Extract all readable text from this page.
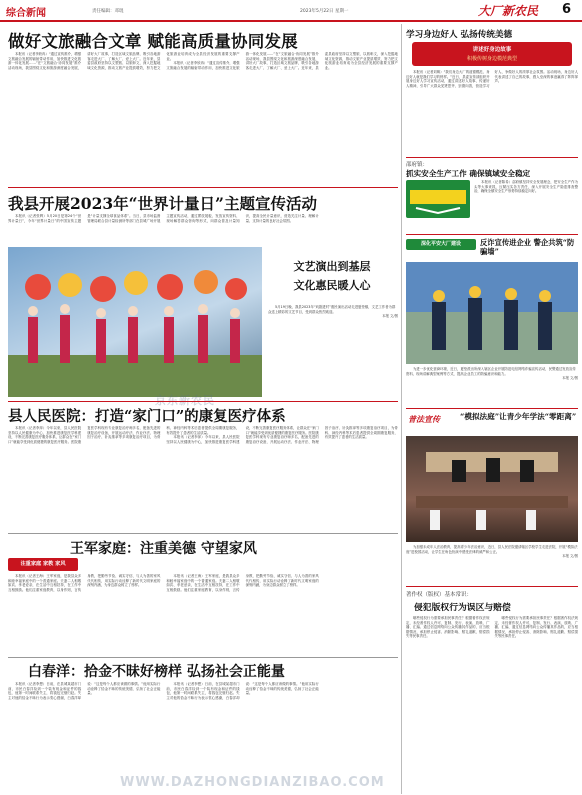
综合新闻	责任编辑：邓琨	2023年5月22日 星期一	大厂新农民 6
做好文旅融合文章 赋能高质量协同发展

本报讯（记者李欣冉）“通过宣传推介，增强文旅融合发展的辐射带动作用，加快推进文化旅游一体化发展……”在“文旅融合·协同发展”推介活动现场，我县围绕文化和旅游深度融合发展，讲好大厂故事，打造区域文旅品牌，吸引各地游客走进大厂、了解大厂、爱上大厂。近年来，县委县政府坚持以文塑旅、以旅彰文，深入挖掘地域文化资源，推动文旅产业提质增效，努力把文化旅游业培育成为全县经济发展的重要支撑产业。

本报讯（记者李欣冉）“通过宣传推介，增强文旅融合发展的辐射带动作用，加快推进文化旅游一体化发展……”在“文旅融合·协同发展”推介活动现场，我县围绕文化和旅游深度融合发展，讲好大厂故事，打造区域文旅品牌，吸引各地游客走进大厂、了解大厂、爱上大厂。近年来，县委县政府坚持以文塑旅、以旅彰文，深入挖掘地域文化资源，推动文旅产业提质增效，努力把文化旅游业培育成为全县经济发展的重要支撑产业。

我县开展2023年“世界计量日”主题宣传活动

本报讯（记者张辉）5月20日是第24个“世界计量日”，今年“世界计量日”的中国宣传主题是“计量支撑全球食品体系”。当日，县市场监督管理局联合县计量检测所等部门在县城广场开展主题宣传活动，通过摆放展板、发放宣传资料、现场解答群众咨询等形式，向群众普及计量知识，提高全民计量意识，营造关注计量、理解计量、支持计量的良好社会氛围。

文艺演出到基层
文化惠民暖人心

5月19日晚，我县2023年“戏剧进村”惠民演出活动走进夏垫镇，文艺工作者为群众送上精彩的文艺节目，受到群众热烈欢迎。

本报 文/图

京东新农民
县人民医院：打造“家门口”的康复医疗体系

本报讯（记者李萍）今年以来，县人民医院坚持以人民健康为中心，加快推进康复医学科建设，不断完善康复医疗服务体系，让群众在“家门口”就能享受到优质便捷的康复医疗服务。医院康复医学科现有专业康复治疗师多名，配备先进的康复治疗设备，开展运动疗法、作业疗法、物理因子治疗、针灸推拿等多项康复治疗项目，为骨科、神经内科等术后患者提供全周期康复服务，有效提升了患者的生活质量。

本报讯（记者李萍）今年以来，县人民医院坚持以人民健康为中心，加快推进康复医学科建设，不断完善康复医疗服务体系，让群众在“家门口”就能享受到优质便捷的康复医疗服务。医院康复医学科现有专业康复治疗师多名，配备先进的康复治疗设备，开展运动疗法、作业疗法、物理因子治疗、针灸推拿等多项康复治疗项目，为骨科、神经内科等术后患者提供全周期康复服务，有效提升了患者的生活质量。

王军家庭：注重美德 守望家风
注重家庭 家教 家风

本报讯（记者王海）王军家庭，是我县众多和睦幸福家庭中的一个普通家庭。夫妻二人相敬如宾、孝老爱亲，在生活中互相扶持，在工作中互相鼓励。他们注重家庭教育，以身作则，言传身教，把勤劳节俭、诚实守信、与人为善的家风代代相传，用实际行动诠释了新时代文明家庭的深刻内涵，为身边群众树立了榜样。

本报讯（记者王海）王军家庭，是我县众多和睦幸福家庭中的一个普通家庭。夫妻二人相敬如宾、孝老爱亲，在生活中互相扶持，在工作中互相鼓励。他们注重家庭教育，以身作则，言传身教，把勤劳节俭、诚实守信、与人为善的家风代代相传，用实际行动诠释了新时代文明家庭的深刻内涵，为身边群众树立了榜样。

白春洋：拾金不昧好榜样 弘扬社会正能量

本报讯（记者李想）日前，在县城某超市门前，市民白春洋捡到一个装有现金和证件的钱包，他第一时间联系失主，将钱包完璧归赵。失主对他的拾金不昧行为表示衷心感谢，白春洋却说：“这是每个人都应该做的事情。”他用实际行动诠释了拾金不昧的传统美德，弘扬了社会正能量。

本报讯（记者李想）日前，在县城某超市门前，市民白春洋捡到一个装有现金和证件的钱包，他第一时间联系失主，将钱包完璧归赵。失主对他的拾金不昧行为表示衷心感谢，白春洋却说：“这是每个人都应该做的事情。”他用实际行动诠释了拾金不昧的传统美德，弘扬了社会正能量。

WWW.DAZHONGDIANZIBAO.COM
学习身边好人 弘扬传统美德
讲述好身边故事
积极传树身边模范典型

本报讯（记者刘嫣）“我们身边大厂的道德模范、身边好人就是我们学习的榜样。”近日，县委宣传部组织开展身边好人学习宣传活动，通过讲述好人故事、传递好人精神，引导广大群众见贤思齐、崇德向善，营造学习好人、争做好人的浓厚社会氛围。活动现场，身边好人代表讲述了自己的故事，感人至深的事迹赢得了阵阵掌声。

邵府镇：
抓实安全生产工作 确保镇域安全稳定

本报讯（记者陈希）邵府镇坚持安全发展理念，把安全生产作为头等大事来抓，压紧压实各方责任，深入开展安全生产隐患排查整治，确保全镇安全生产形势持续稳定向好。

深化平安大厂建设	反诈宣传进企业 警企共筑“防骗墙”

为进一步优化营商环境，近日，夏垫派出所深入辖区企业开展防范电信网络诈骗宣传活动，民警通过发放宣传资料、现场讲解典型案例等方式，提高企业员工的防骗意识和能力。

本报 文/图

普法宣传	“模拟法庭”让青少年学法“零距离”

为加强未成年人法治教育，提高青少年法治意识，近日，县人民法院邀请辖区学校学生走进法院，开展“模拟法庭”进校园活动，让学生在角色扮演中感受法律的威严和公正。

本报 文/图

著作权（版权）基本常识：
侵犯版权行为误区与赔偿

哪些侵权行为需要承担民事责任？根据著作权法规定，未经著作权人许可，复制、发行、表演、放映、广播、汇编、通过信息网络向公众传播其作品的，应当根据情况，承担停止侵害、消除影响、赔礼道歉、赔偿损失等民事责任。

哪些侵权行为需要承担民事责任？根据著作权法规定，未经著作权人许可，复制、发行、表演、放映、广播、汇编、通过信息网络向公众传播其作品的，应当根据情况，承担停止侵害、消除影响、赔礼道歉、赔偿损失等民事责任。
